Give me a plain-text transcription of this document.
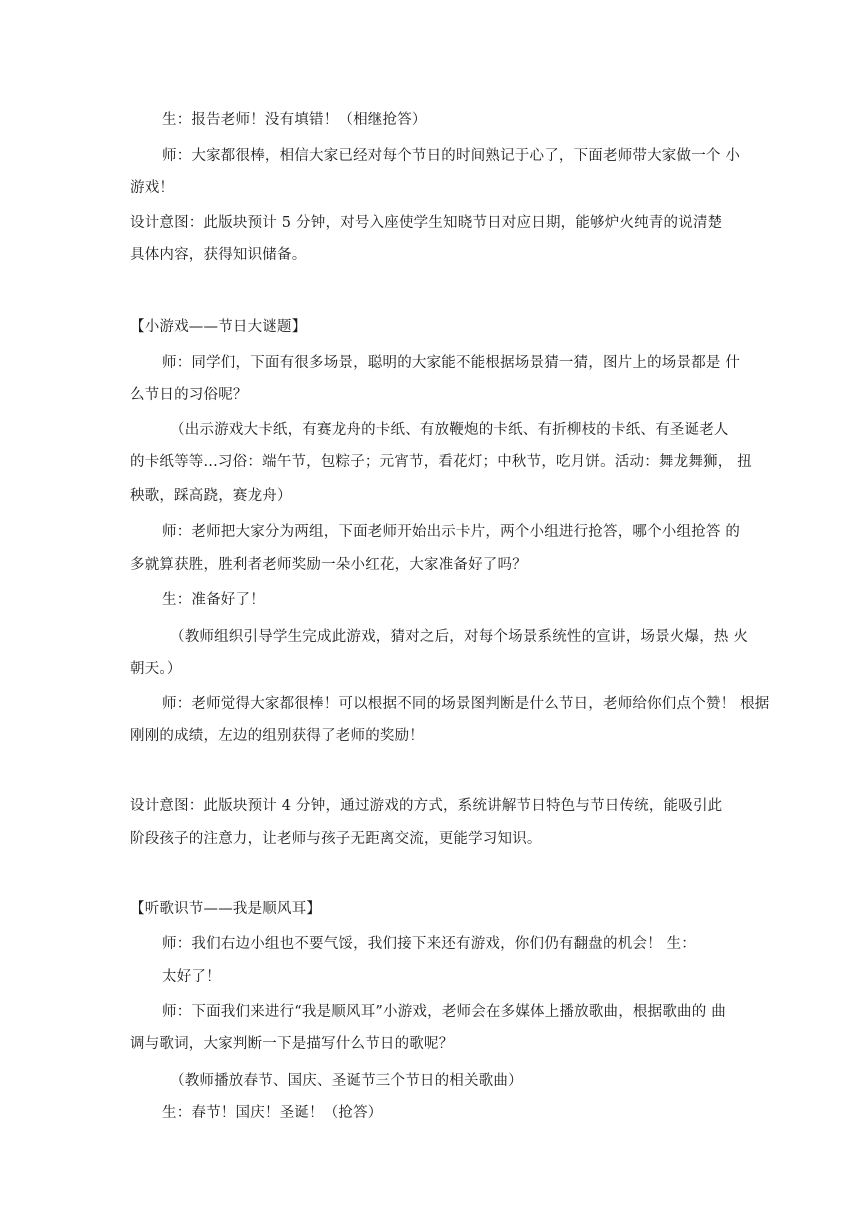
生：报告老师！没有填错！（相继抢答）
师：大家都很棒，相信大家已经对每个节日的时间熟记于心了，下面老师带大家做一个 小
游戏！
设计意图：此版块预计 5 分钟，对号入座使学生知晓节日对应日期，能够炉火纯青的说清楚
具体内容，获得知识储备。
【小游戏——节日大谜题】
师：同学们，下面有很多场景，聪明的大家能不能根据场景猜一猜，图片上的场景都是 什
么节日的习俗呢？
（出示游戏大卡纸，有赛龙舟的卡纸、有放鞭炮的卡纸、有折柳枝的卡纸、有圣诞老人
的卡纸等等...习俗：端午节，包粽子；元宵节，看花灯；中秋节，吃月饼。活动：舞龙舞狮， 扭
秧歌，踩高跷，赛龙舟）
师：老师把大家分为两组，下面老师开始出示卡片，两个小组进行抢答，哪个小组抢答 的
多就算获胜，胜利者老师奖励一朵小红花，大家准备好了吗？
生：准备好了！
（教师组织引导学生完成此游戏，猜对之后，对每个场景系统性的宣讲，场景火爆，热 火
朝天。）
师：老师觉得大家都很棒！可以根据不同的场景图判断是什么节日，老师给你们点个赞！ 根据
刚刚的成绩，左边的组别获得了老师的奖励！
设计意图：此版块预计 4 分钟，通过游戏的方式，系统讲解节日特色与节日传统，能吸引此
阶段孩子的注意力，让老师与孩子无距离交流，更能学习知识。
【听歌识节——我是顺风耳】
师：我们右边小组也不要气馁，我们接下来还有游戏，你们仍有翻盘的机会！ 生：
太好了！
师：下面我们来进行“我是顺风耳”小游戏，老师会在多媒体上播放歌曲，根据歌曲的 曲
调与歌词，大家判断一下是描写什么节日的歌呢？
（教师播放春节、国庆、圣诞节三个节日的相关歌曲）
生：春节！国庆！圣诞！（抢答）
